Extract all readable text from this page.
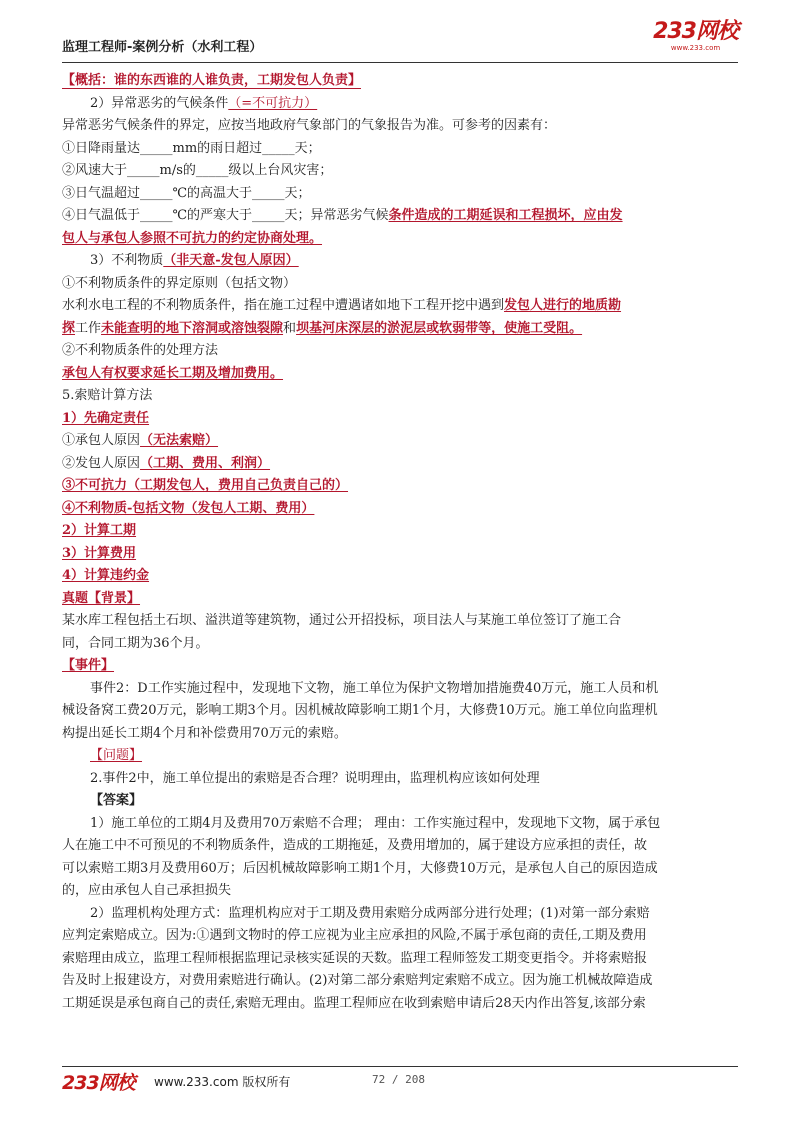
监理工程师-案例分析（水利工程）
233网校
www.233.com
【概括：谁的东西谁的人谁负责，工期发包人负责】
2）异常恶劣的气候条件（=不可抗力）
异常恶劣气候条件的界定，应按当地政府气象部门的气象报告为准。可参考的因素有：
①日降雨量达_____mm的雨日超过_____天；
②风速大于_____m/s的_____级以上台风灾害；
③日气温超过_____℃的高温大于_____天；
④日气温低于_____℃的严寒大于_____天；异常恶劣气候条件造成的工期延误和工程损坏，应由发
包人与承包人参照不可抗力的约定协商处理。
3）不利物质（非天意-发包人原因）
①不利物质条件的界定原则（包括文物）
水利水电工程的不利物质条件，指在施工过程中遭遇诸如地下工程开挖中遇到发包人进行的地质勘
探工作未能查明的地下溶洞或溶蚀裂隙和坝基河床深层的淤泥层或软弱带等，使施工受阻。
②不利物质条件的处理方法
承包人有权要求延长工期及增加费用。
5.索赔计算方法
1）先确定责任
①承包人原因（无法索赔）
②发包人原因（工期、费用、利润）
③不可抗力（工期发包人，费用自己负责自己的）
④不利物质-包括文物（发包人工期、费用）
2）计算工期
3）计算费用
4）计算违约金
真题【背景】
某水库工程包括土石坝、溢洪道等建筑物，通过公开招投标，项目法人与某施工单位签订了施工合
同，合同工期为36个月。
【事件】
事件2：D工作实施过程中，发现地下文物，施工单位为保护文物增加措施费40万元，施工人员和机
械设备窝工费20万元，影响工期3个月。因机械故障影响工期1个月，大修费10万元。施工单位向监理机
构提出延长工期4个月和补偿费用70万元的索赔。
【问题】
2.事件2中，施工单位提出的索赔是否合理？说明理由，监理机构应该如何处理
【答案】
1）施工单位的工期4月及费用70万索赔不合理； 理由：工作实施过程中，发现地下文物，属于承包
人在施工中不可预见的不利物质条件，造成的工期拖延，及费用增加的，属于建设方应承担的责任，故
可以索赔工期3月及费用60万；后因机械故障影响工期1个月，大修费10万元，是承包人自己的原因造成
的，应由承包人自己承担损失
2）监理机构处理方式：监理机构应对于工期及费用索赔分成两部分进行处理；(1)对第一部分索赔
应判定索赔成立。因为:①遇到文物时的停工应视为业主应承担的风险,不属于承包商的责任,工期及费用
索赔理由成立，监理工程师根据监理记录核实延误的天数。监理工程师签发工期变更指令。并将索赔报
告及时上报建设方，对费用索赔进行确认。(2)对第二部分索赔判定索赔不成立。因为施工机械故障造成
工期延误是承包商自己的责任,索赔无理由。监理工程师应在收到索赔申请后28天内作出答复,该部分索
233网校 www.233.com 版权所有	72 / 208
